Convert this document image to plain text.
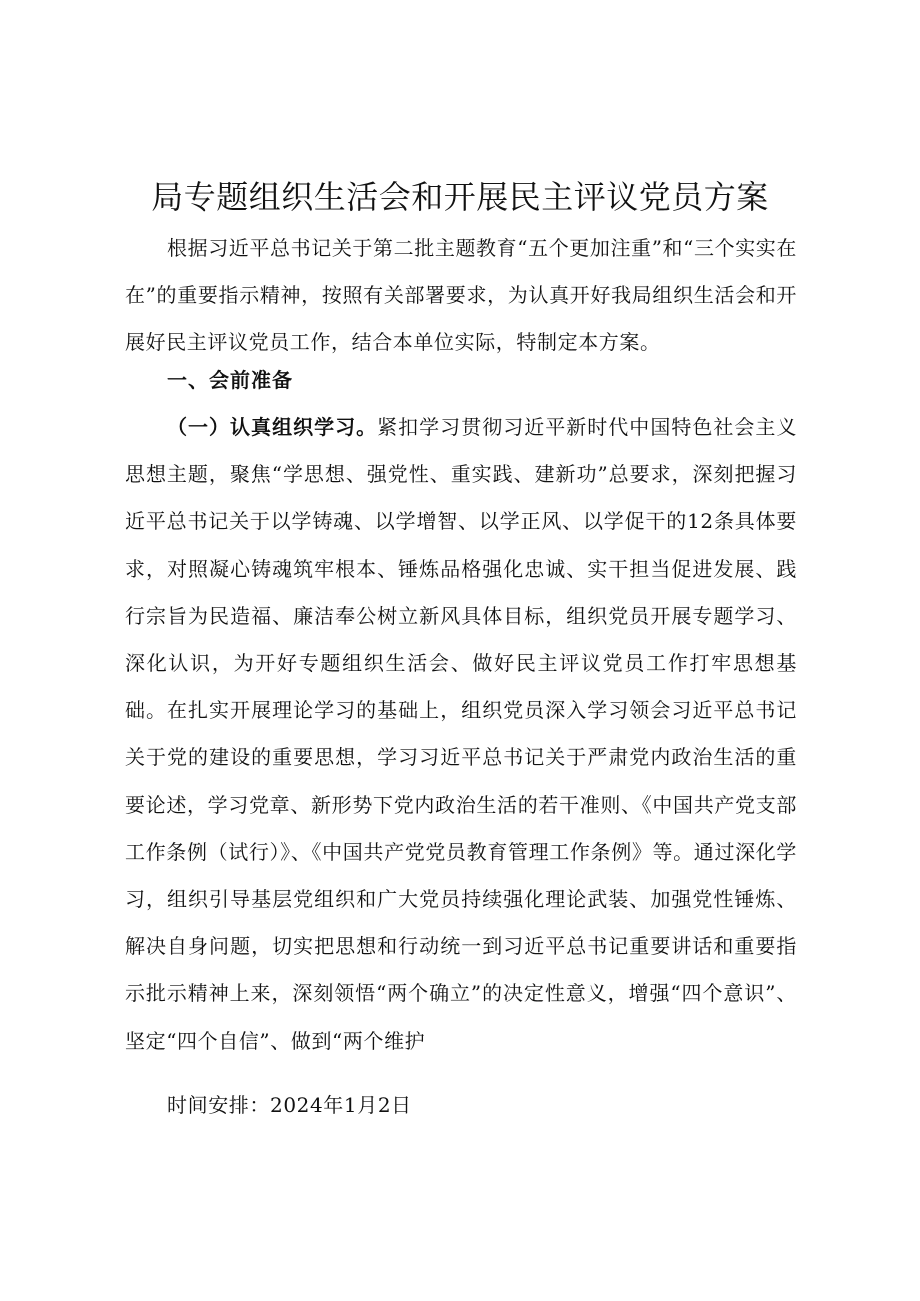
局专题组织生活会和开展民主评议党员方案

根据习近平总书记关于第二批主题教育“五个更加注重”和“三个实实在在”的重要指示精神，按照有关部署要求，为认真开好我局组织生活会和开展好民主评议党员工作，结合本单位实际，特制定本方案。

一、会前准备

（一）认真组织学习。紧扣学习贯彻习近平新时代中国特色社会主义思想主题，聚焦“学思想、强党性、重实践、建新功”总要求，深刻把握习近平总书记关于以学铸魂、以学增智、以学正风、以学促干的12条具体要求，对照凝心铸魂筑牢根本、锤炼品格强化忠诚、实干担当促进发展、践行宗旨为民造福、廉洁奉公树立新风具体目标，组织党员开展专题学习、深化认识，为开好专题组织生活会、做好民主评议党员工作打牢思想基础。在扎实开展理论学习的基础上，组织党员深入学习领会习近平总书记关于党的建设的重要思想，学习习近平总书记关于严肃党内政治生活的重要论述，学习党章、新形势下党内政治生活的若干准则、《中国共产党支部工作条例（试行）》、《中国共产党党员教育管理工作条例》等。通过深化学习，组织引导基层党组织和广大党员持续强化理论武装、加强党性锤炼、解决自身问题，切实把思想和行动统一到习近平总书记重要讲话和重要指示批示精神上来，深刻领悟“两个确立”的决定性意义，增强“四个意识”、坚定“四个自信”、做到“两个维护

时间安排：2024年1月2日
